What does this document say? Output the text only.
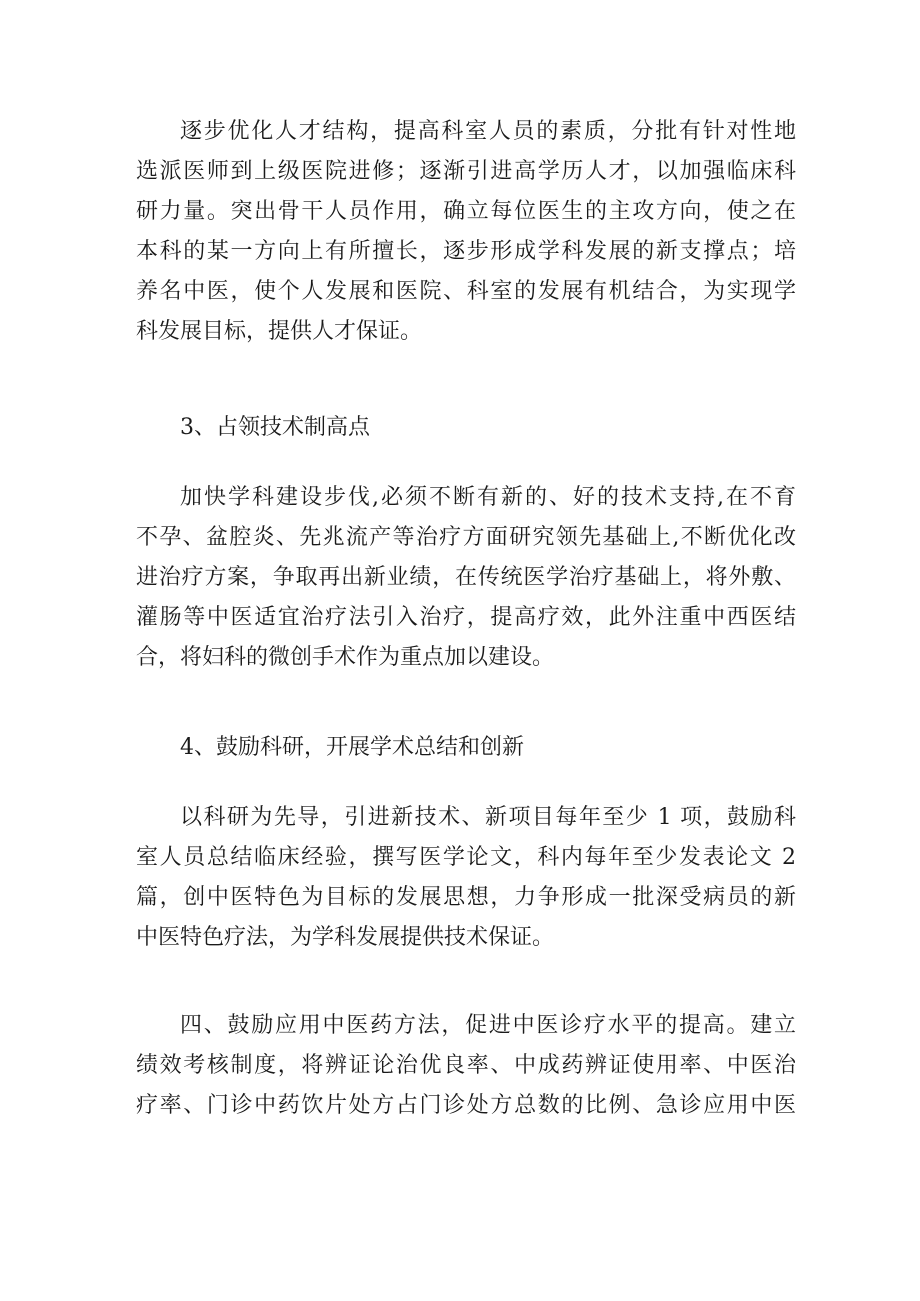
逐步优化人才结构，提高科室人员的素质，分批有针对性地
选派医师到上级医院进修；逐渐引进高学历人才，以加强临床科
研力量。突出骨干人员作用，确立每位医生的主攻方向，使之在
本科的某一方向上有所擅长，逐步形成学科发展的新支撑点；培
养名中医，使个人发展和医院、科室的发展有机结合，为实现学
科发展目标，提供人才保证。
3、占领技术制高点
加快学科建设步伐,必须不断有新的、好的技术支持,在不育
不孕、盆腔炎、先兆流产等治疗方面研究领先基础上,不断优化改
进治疗方案，争取再出新业绩，在传统医学治疗基础上，将外敷、
灌肠等中医适宜治疗法引入治疗，提高疗效，此外注重中西医结
合，将妇科的微创手术作为重点加以建设。
4、鼓励科研，开展学术总结和创新
以科研为先导，引进新技术、新项目每年至少 1 项，鼓励科
室人员总结临床经验，撰写医学论文，科内每年至少发表论文 2
篇，创中医特色为目标的发展思想，力争形成一批深受病员的新
中医特色疗法，为学科发展提供技术保证。
四、鼓励应用中医药方法，促进中医诊疗水平的提高。建立
绩效考核制度，将辨证论治优良率、中成药辨证使用率、中医治
疗率、门诊中药饮片处方占门诊处方总数的比例、急诊应用中医
